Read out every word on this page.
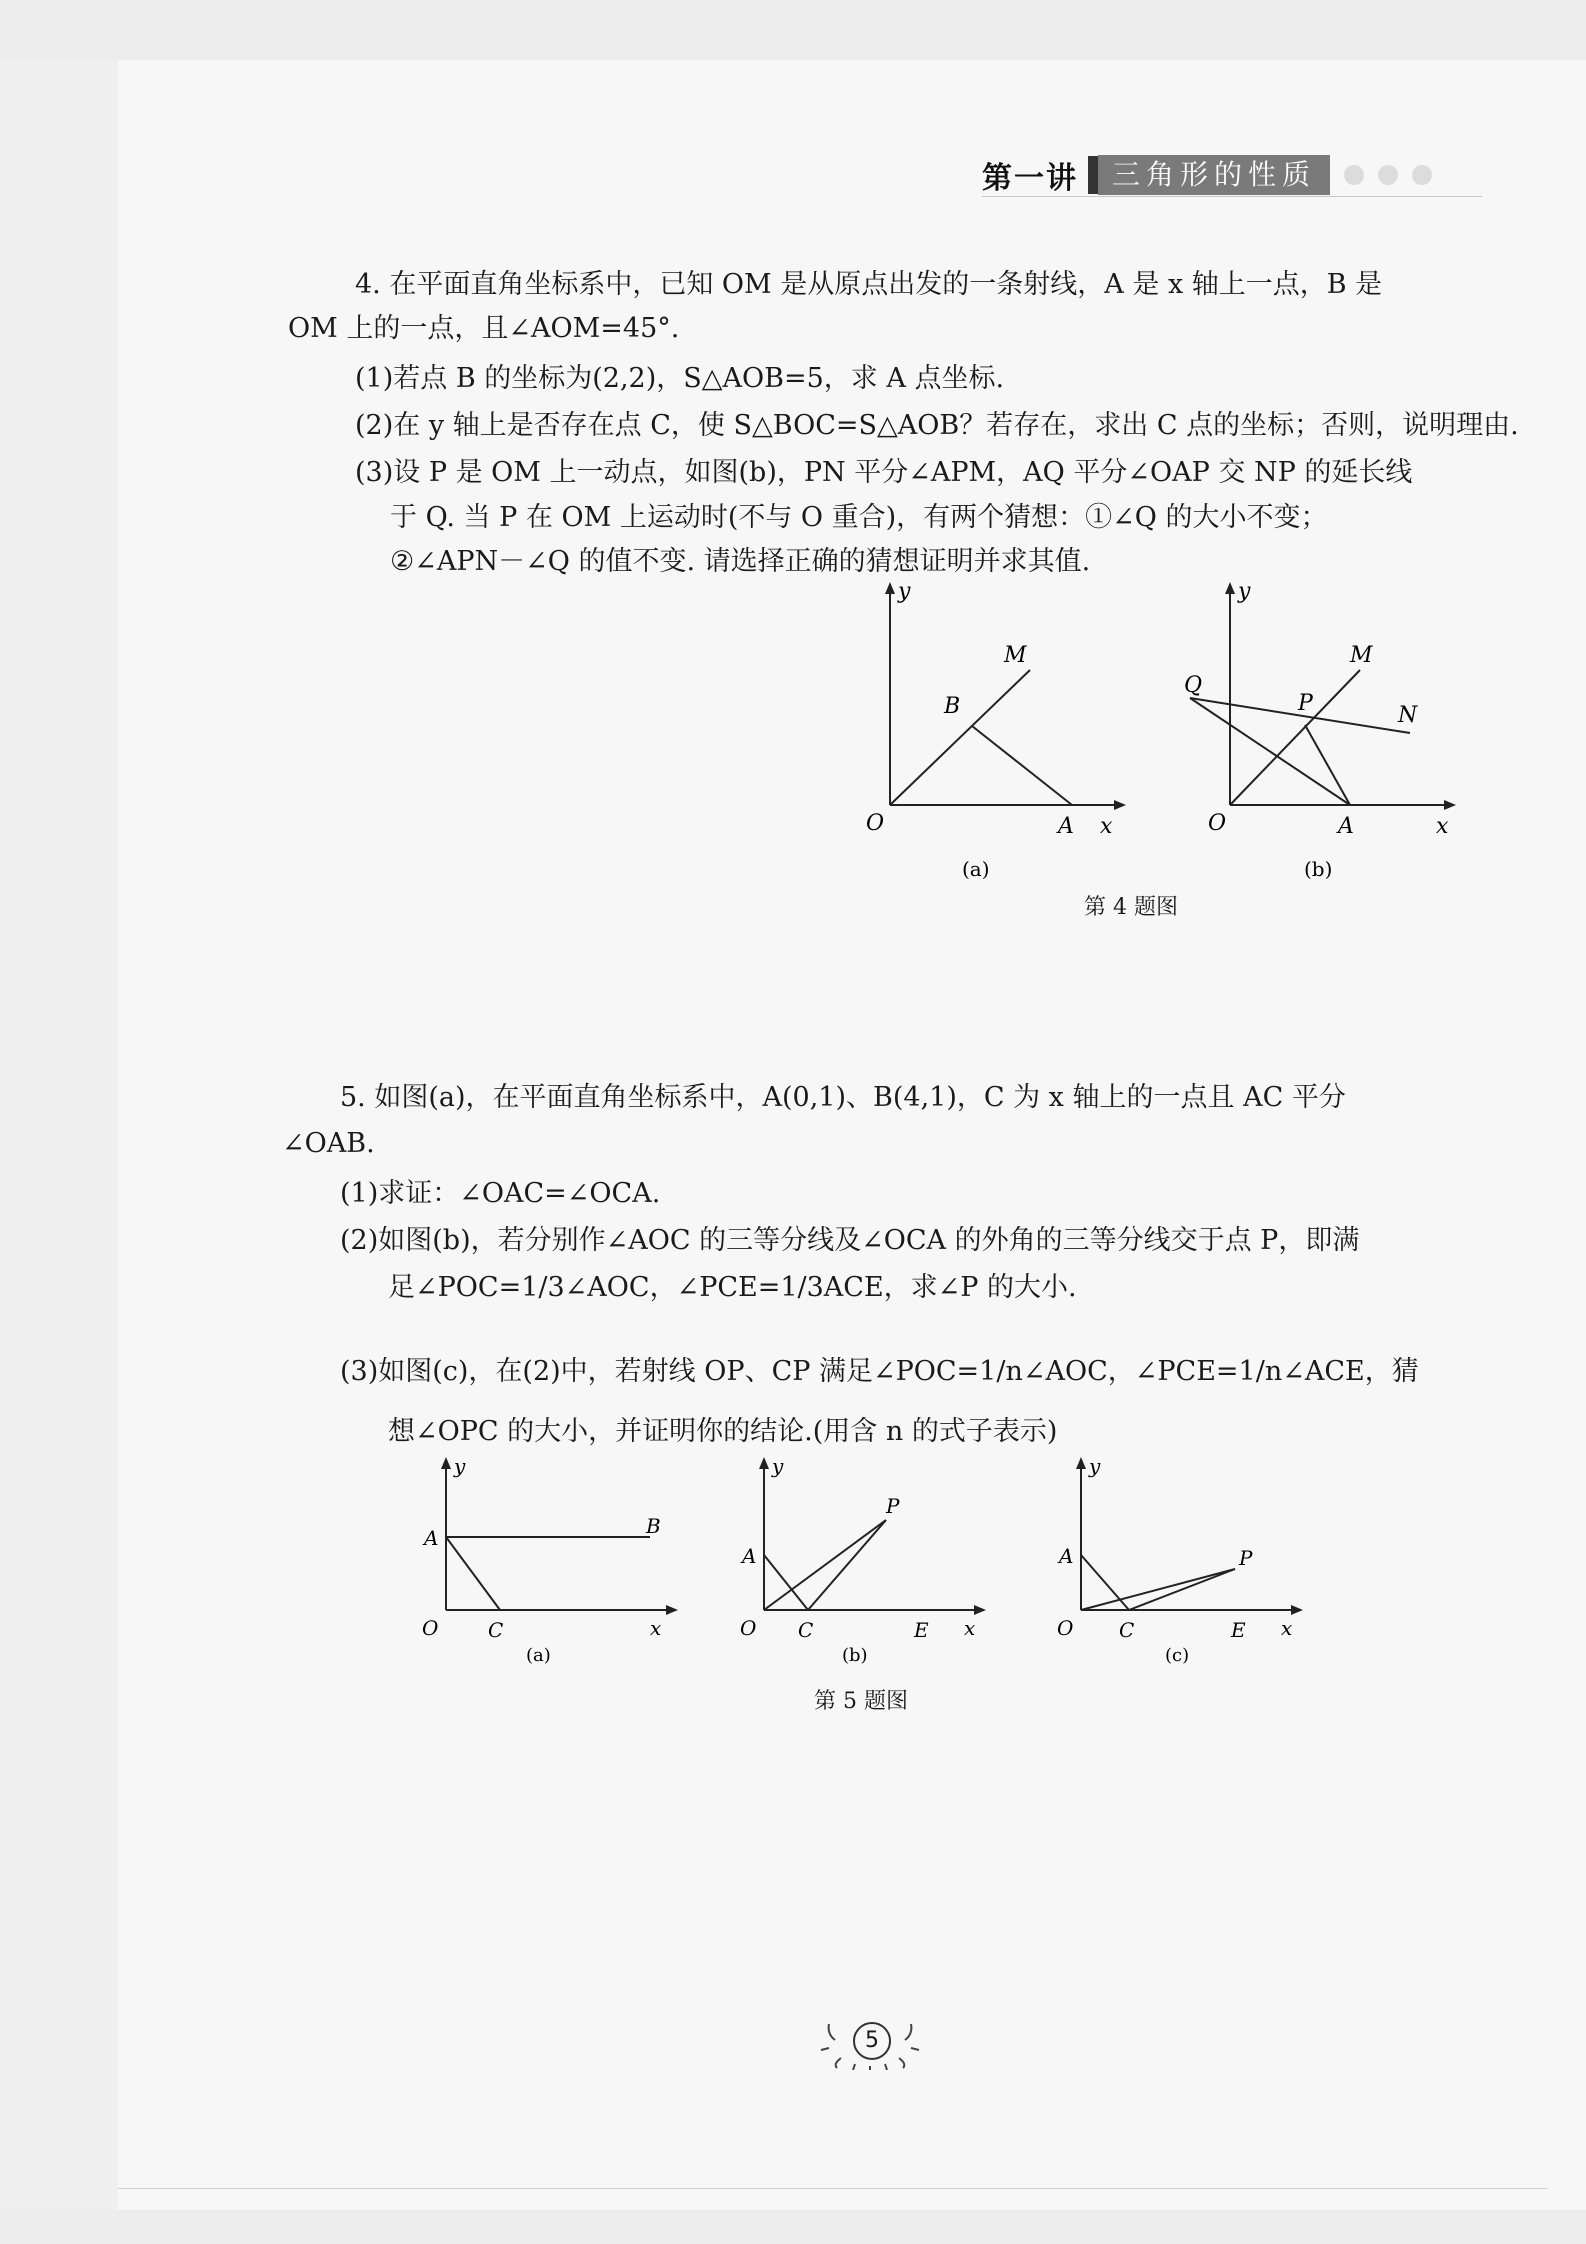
第一讲	三角形的性质
4. 在平面直角坐标系中，已知 OM 是从原点出发的一条射线，A 是 x 轴上一点，B 是
OM 上的一点，且∠AOM=45°.
(1)若点 B 的坐标为(2,2)，S△AOB=5，求 A 点坐标.
(2)在 y 轴上是否存在点 C，使 S△BOC=S△AOB？若存在，求出 C 点的坐标；否则，说明理由.
(3)设 P 是 OM 上一动点，如图(b)，PN 平分∠APM，AQ 平分∠OAP 交 NP 的延长线
于 Q. 当 P 在 OM 上运动时(不与 O 重合)，有两个猜想：①∠Q 的大小不变；
②∠APN－∠Q 的值不变. 请选择正确的猜想证明并求其值.
y
x
O	A
B
M
(a)
y
x
O	A
P
M
N
Q
(b)
第 4 题图
5. 如图(a)，在平面直角坐标系中，A(0,1)、B(4,1)，C 为 x 轴上的一点且 AC 平分
∠OAB.
(1)求证：∠OAC=∠OCA.
(2)如图(b)，若分别作∠AOC 的三等分线及∠OCA 的外角的三等分线交于点 P，即满
足∠POC=1/3∠AOC，∠PCE=1/3ACE，求∠P 的大小.
(3)如图(c)，在(2)中，若射线 OP、CP 满足∠POC=1/n∠AOC，∠PCE=1/n∠ACE，猜
想∠OPC 的大小，并证明你的结论.(用含 n 的式子表示)
y
x
O
A	B
C
(a)
y
x
O
A
C	E
P
(b)
y
x
O
A
C	E
P
(c)
第 5 题图
5
